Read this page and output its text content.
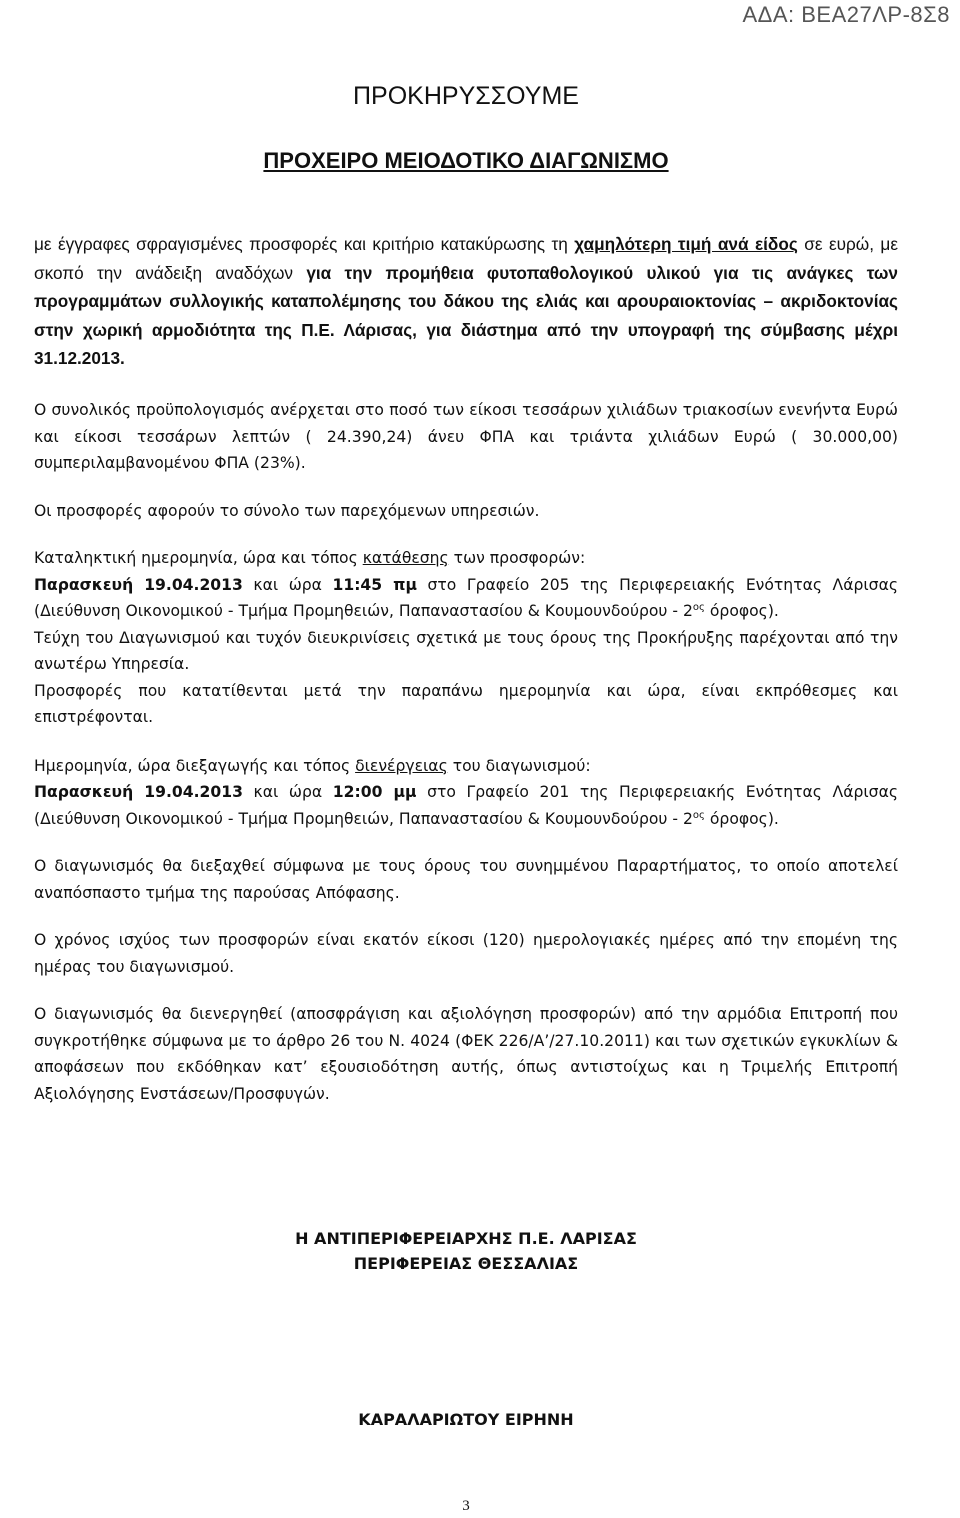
ΑΔΑ: ΒΕΑ27ΛΡ-8Σ8
ΠΡΟΚΗΡΥΣΣΟΥΜΕ
ΠΡΟΧΕΙΡΟ ΜΕΙΟΔΟΤΙΚΟ ΔΙΑΓΩΝΙΣΜΟ

με έγγραφες σφραγισμένες προσφορές και κριτήριο κατακύρωσης τη χαμηλότερη τιμή ανά είδος σε ευρώ, με σκοπό την ανάδειξη αναδόχων για την προμήθεια φυτοπαθολογικού υλικού για τις ανάγκες των προγραμμάτων συλλογικής καταπολέμησης του δάκου της ελιάς και αρουραιοκτονίας – ακριδοκτονίας στην χωρική αρμοδιότητα της Π.Ε. Λάρισας, για διάστημα από την υπογραφή της σύμβασης μέχρι 31.12.2013.

Ο συνολικός προϋπολογισμός ανέρχεται στο ποσό των είκοσι τεσσάρων χιλιάδων τριακοσίων ενενήντα Ευρώ και είκοσι τεσσάρων λεπτών ( 24.390,24) άνευ ΦΠΑ και τριάντα χιλιάδων Ευρώ ( 30.000,00) συμπεριλαμβανομένου ΦΠΑ (23%).

Οι προσφορές αφορούν το σύνολο των παρεχόμενων υπηρεσιών.

Καταληκτική ημερομηνία, ώρα και τόπος κατάθεσης των προσφορών:

Παρασκευή 19.04.2013 και ώρα 11:45 πμ στο Γραφείο 205 της Περιφερειακής Ενότητας Λάρισας (Διεύθυνση Οικονομικού - Τμήμα Προμηθειών, Παπαναστασίου & Κουμουνδούρου - $2^{o\varsigma}$ όροφος).

Τεύχη του Διαγωνισμού και τυχόν διευκρινίσεις σχετικά με τους όρους της Προκήρυξης παρέχονται από την ανωτέρω Υπηρεσία.

Προσφορές που κατατίθενται μετά την παραπάνω ημερομηνία και ώρα, είναι εκπρόθεσμες και επιστρέφονται.

Ημερομηνία, ώρα διεξαγωγής και τόπος διενέργειας του διαγωνισμού:

Παρασκευή 19.04.2013 και ώρα 12:00 μμ στο Γραφείο 201 της Περιφερειακής Ενότητας Λάρισας (Διεύθυνση Οικονομικού - Τμήμα Προμηθειών, Παπαναστασίου & Κουμουνδούρου - $2^{o\varsigma}$ όροφος).

Ο διαγωνισμός θα διεξαχθεί σύμφωνα με τους όρους του συνημμένου Παραρτήματος, το οποίο αποτελεί αναπόσπαστο τμήμα της παρούσας Απόφασης.

Ο χρόνος ισχύος των προσφορών είναι εκατόν είκοσι (120) ημερολογιακές ημέρες από την επομένη της ημέρας του διαγωνισμού.

Ο διαγωνισμός θα διενεργηθεί (αποσφράγιση και αξιολόγηση προσφορών) από την αρμόδια Επιτροπή που συγκροτήθηκε σύμφωνα με το άρθρο 26 του Ν. 4024 (ΦΕΚ 226/Α’/27.10.2011) και των σχετικών εγκυκλίων & αποφάσεων που εκδόθηκαν κατ’ εξουσιοδότηση αυτής, όπως αντιστοίχως και η Τριμελής Επιτροπή Αξιολόγησης Ενστάσεων/Προσφυγών.

Η ΑΝΤΙΠΕΡΙΦΕΡΕΙΑΡΧΗΣ Π.Ε. ΛΑΡΙΣΑΣ
ΠΕΡΙΦΕΡΕΙΑΣ ΘΕΣΣΑΛΙΑΣ
ΚΑΡΑΛΑΡΙΩΤΟΥ ΕΙΡΗΝΗ
3
